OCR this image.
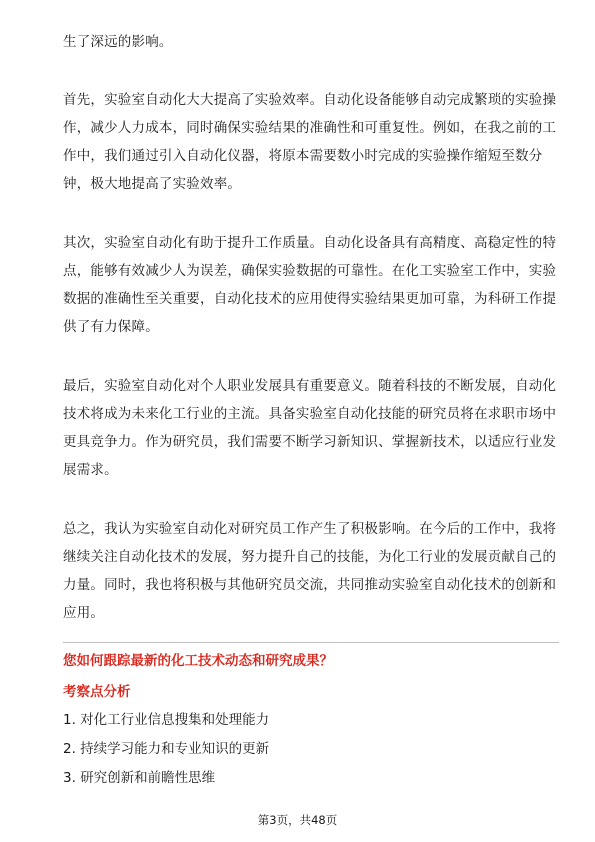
生了深远的影响。
首先，实验室自动化大大提高了实验效率。自动化设备能够自动完成繁琐的实验操
作，减少人力成本，同时确保实验结果的准确性和可重复性。例如，在我之前的工
作中，我们通过引入自动化仪器，将原本需要数小时完成的实验操作缩短至数分
钟，极大地提高了实验效率。
其次，实验室自动化有助于提升工作质量。自动化设备具有高精度、高稳定性的特
点，能够有效减少人为误差，确保实验数据的可靠性。在化工实验室工作中，实验
数据的准确性至关重要，自动化技术的应用使得实验结果更加可靠，为科研工作提
供了有力保障。
最后，实验室自动化对个人职业发展具有重要意义。随着科技的不断发展，自动化
技术将成为未来化工行业的主流。具备实验室自动化技能的研究员将在求职市场中
更具竞争力。作为研究员，我们需要不断学习新知识、掌握新技术，以适应行业发
展需求。
总之，我认为实验室自动化对研究员工作产生了积极影响。在今后的工作中，我将
继续关注自动化技术的发展，努力提升自己的技能，为化工行业的发展贡献自己的
力量。同时，我也将积极与其他研究员交流，共同推动实验室自动化技术的创新和
应用。

您如何跟踪最新的化工技术动态和研究成果？

考察点分析

1. 对化工行业信息搜集和处理能力
2. 持续学习能力和专业知识的更新
3. 研究创新和前瞻性思维
第3页，共48页
